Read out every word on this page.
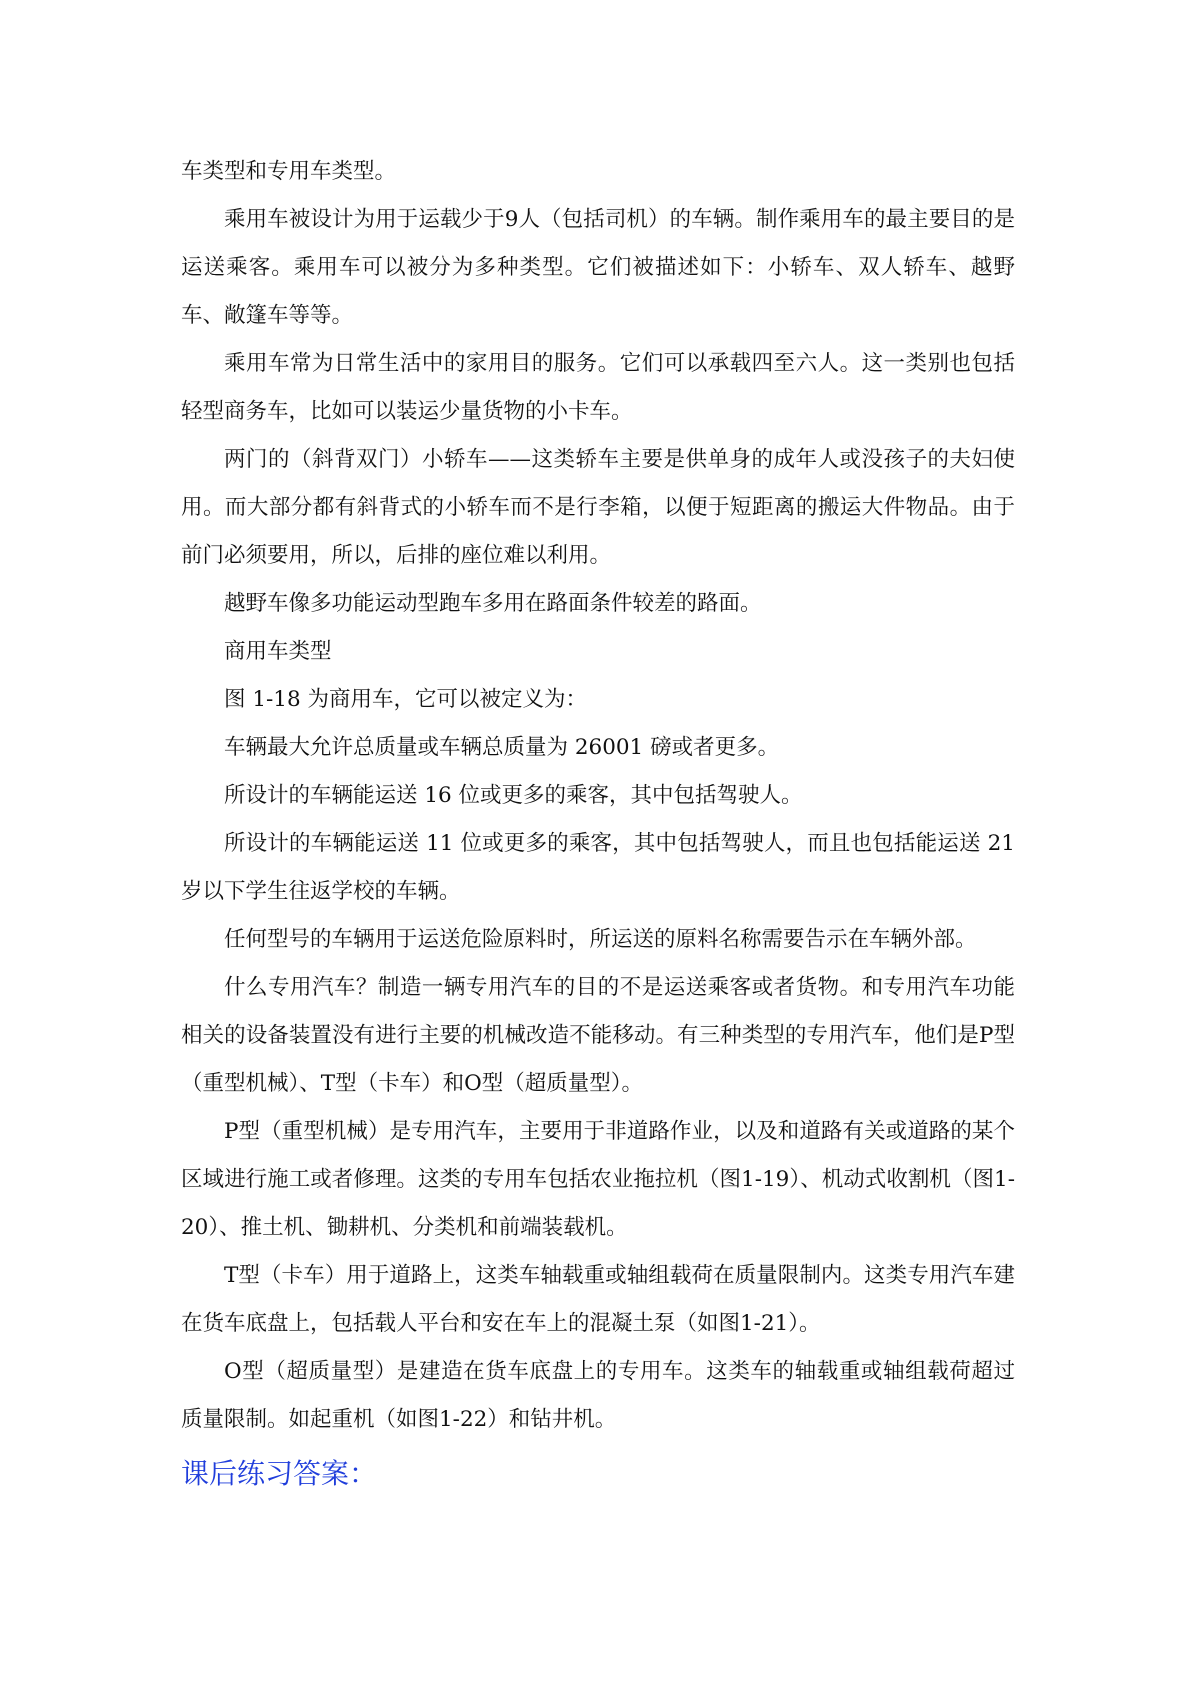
车类型和专用车类型。

乘用车被设计为用于运载少于9人（包括司机）的车辆。制作乘用车的最主要目的是运送乘客。乘用车可以被分为多种类型。它们被描述如下：小轿车、双人轿车、越野车、敞篷车等等。

乘用车常为日常生活中的家用目的服务。它们可以承载四至六人。这一类别也包括轻型商务车，比如可以装运少量货物的小卡车。

两门的（斜背双门）小轿车——这类轿车主要是供单身的成年人或没孩子的夫妇使用。而大部分都有斜背式的小轿车而不是行李箱，以便于短距离的搬运大件物品。由于前门必须要用，所以，后排的座位难以利用。

越野车像多功能运动型跑车多用在路面条件较差的路面。

商用车类型

图 1-18 为商用车，它可以被定义为：

车辆最大允许总质量或车辆总质量为 26001 磅或者更多。

所设计的车辆能运送 16 位或更多的乘客，其中包括驾驶人。

所设计的车辆能运送 11 位或更多的乘客，其中包括驾驶人，而且也包括能运送 21 岁以下学生往返学校的车辆。

任何型号的车辆用于运送危险原料时，所运送的原料名称需要告示在车辆外部。

什么专用汽车？制造一辆专用汽车的目的不是运送乘客或者货物。和专用汽车功能相关的设备装置没有进行主要的机械改造不能移动。有三种类型的专用汽车，他们是P型（重型机械）、T型（卡车）和O型（超质量型）。

P型（重型机械）是专用汽车，主要用于非道路作业，以及和道路有关或道路的某个区域进行施工或者修理。这类的专用车包括农业拖拉机（图1-19）、机动式收割机（图1-20）、推土机、锄耕机、分类机和前端装载机。

T型（卡车）用于道路上，这类车轴载重或轴组载荷在质量限制内。这类专用汽车建在货车底盘上，包括载人平台和安在车上的混凝土泵（如图1-21）。

O型（超质量型）是建造在货车底盘上的专用车。这类车的轴载重或轴组载荷超过质量限制。如起重机（如图1-22）和钻井机。

课后练习答案：
